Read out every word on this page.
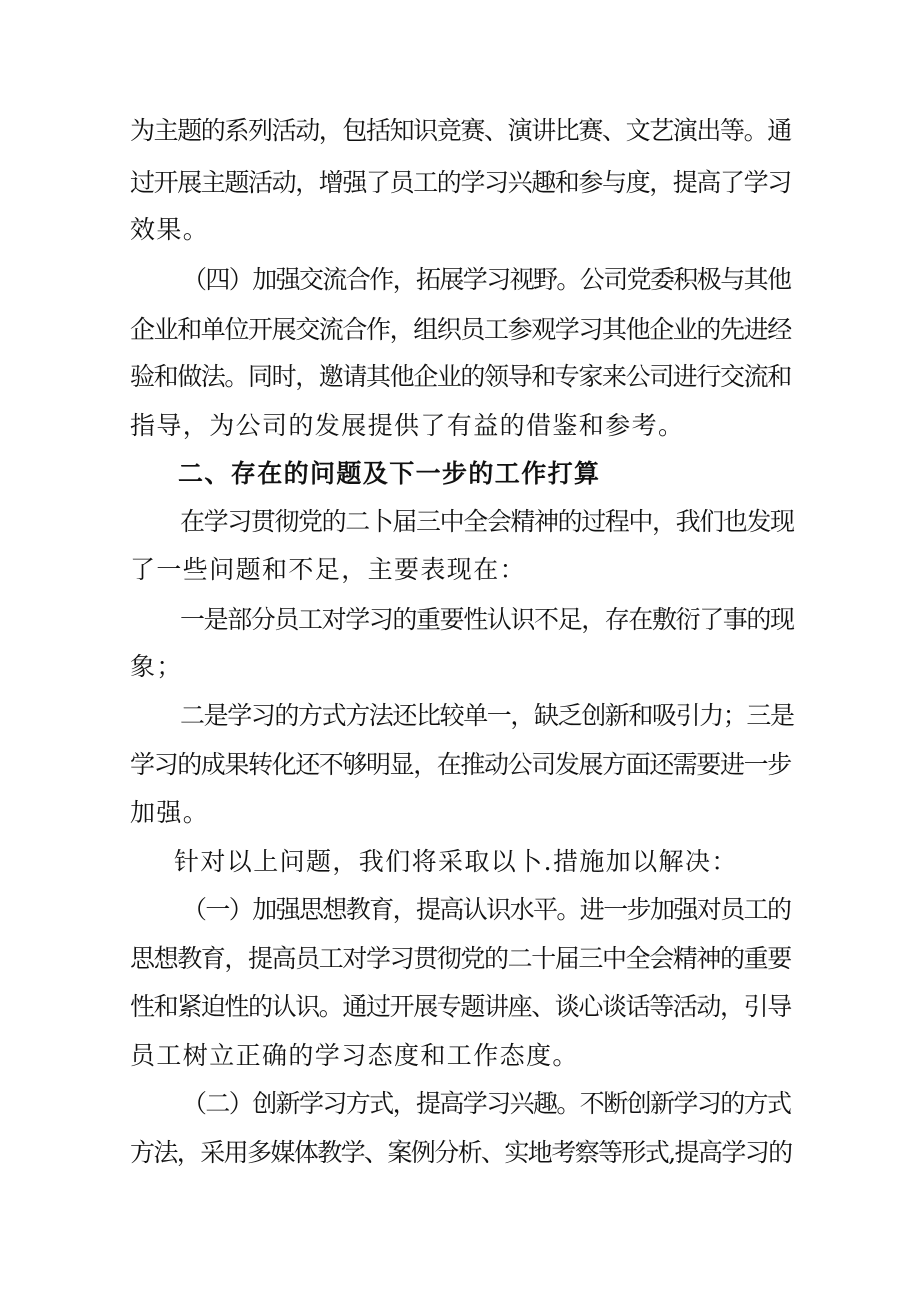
为主题的系列活动，包括知识竞赛、演讲比赛、文艺演出等。通
过开展主题活动，增强了员工的学习兴趣和参与度，提高了学习
效果。
（四）加强交流合作，拓展学习视野。公司党委积极与其他
企业和单位开展交流合作，组织员工参观学习其他企业的先进经
验和做法。同时，邀请其他企业的领导和专家来公司进行交流和
指导，为公司的发展提供了有益的借鉴和参考。
二、存在的问题及下一步的工作打算
在学习贯彻党的二卜届三中全会精神的过程中，我们也发现
了一些问题和不足，主要表现在：
一是部分员工对学习的重要性认识不足，存在敷衍了事的现
象；
二是学习的方式方法还比较单一，缺乏创新和吸引力；三是
学习的成果转化还不够明显，在推动公司发展方面还需要进一步
加强。
针对以上问题，我们将采取以卜.措施加以解决：
（一）加强思想教育，提高认识水平。进一步加强对员工的
思想教育，提高员工对学习贯彻党的二十届三中全会精神的重要
性和紧迫性的认识。通过开展专题讲座、谈心谈话等活动，引导
员工树立正确的学习态度和工作态度。
（二）创新学习方式，提高学习兴趣。不断创新学习的方式
方法，采用多媒体教学、案例分析、实地考察等形式,提高学习的
